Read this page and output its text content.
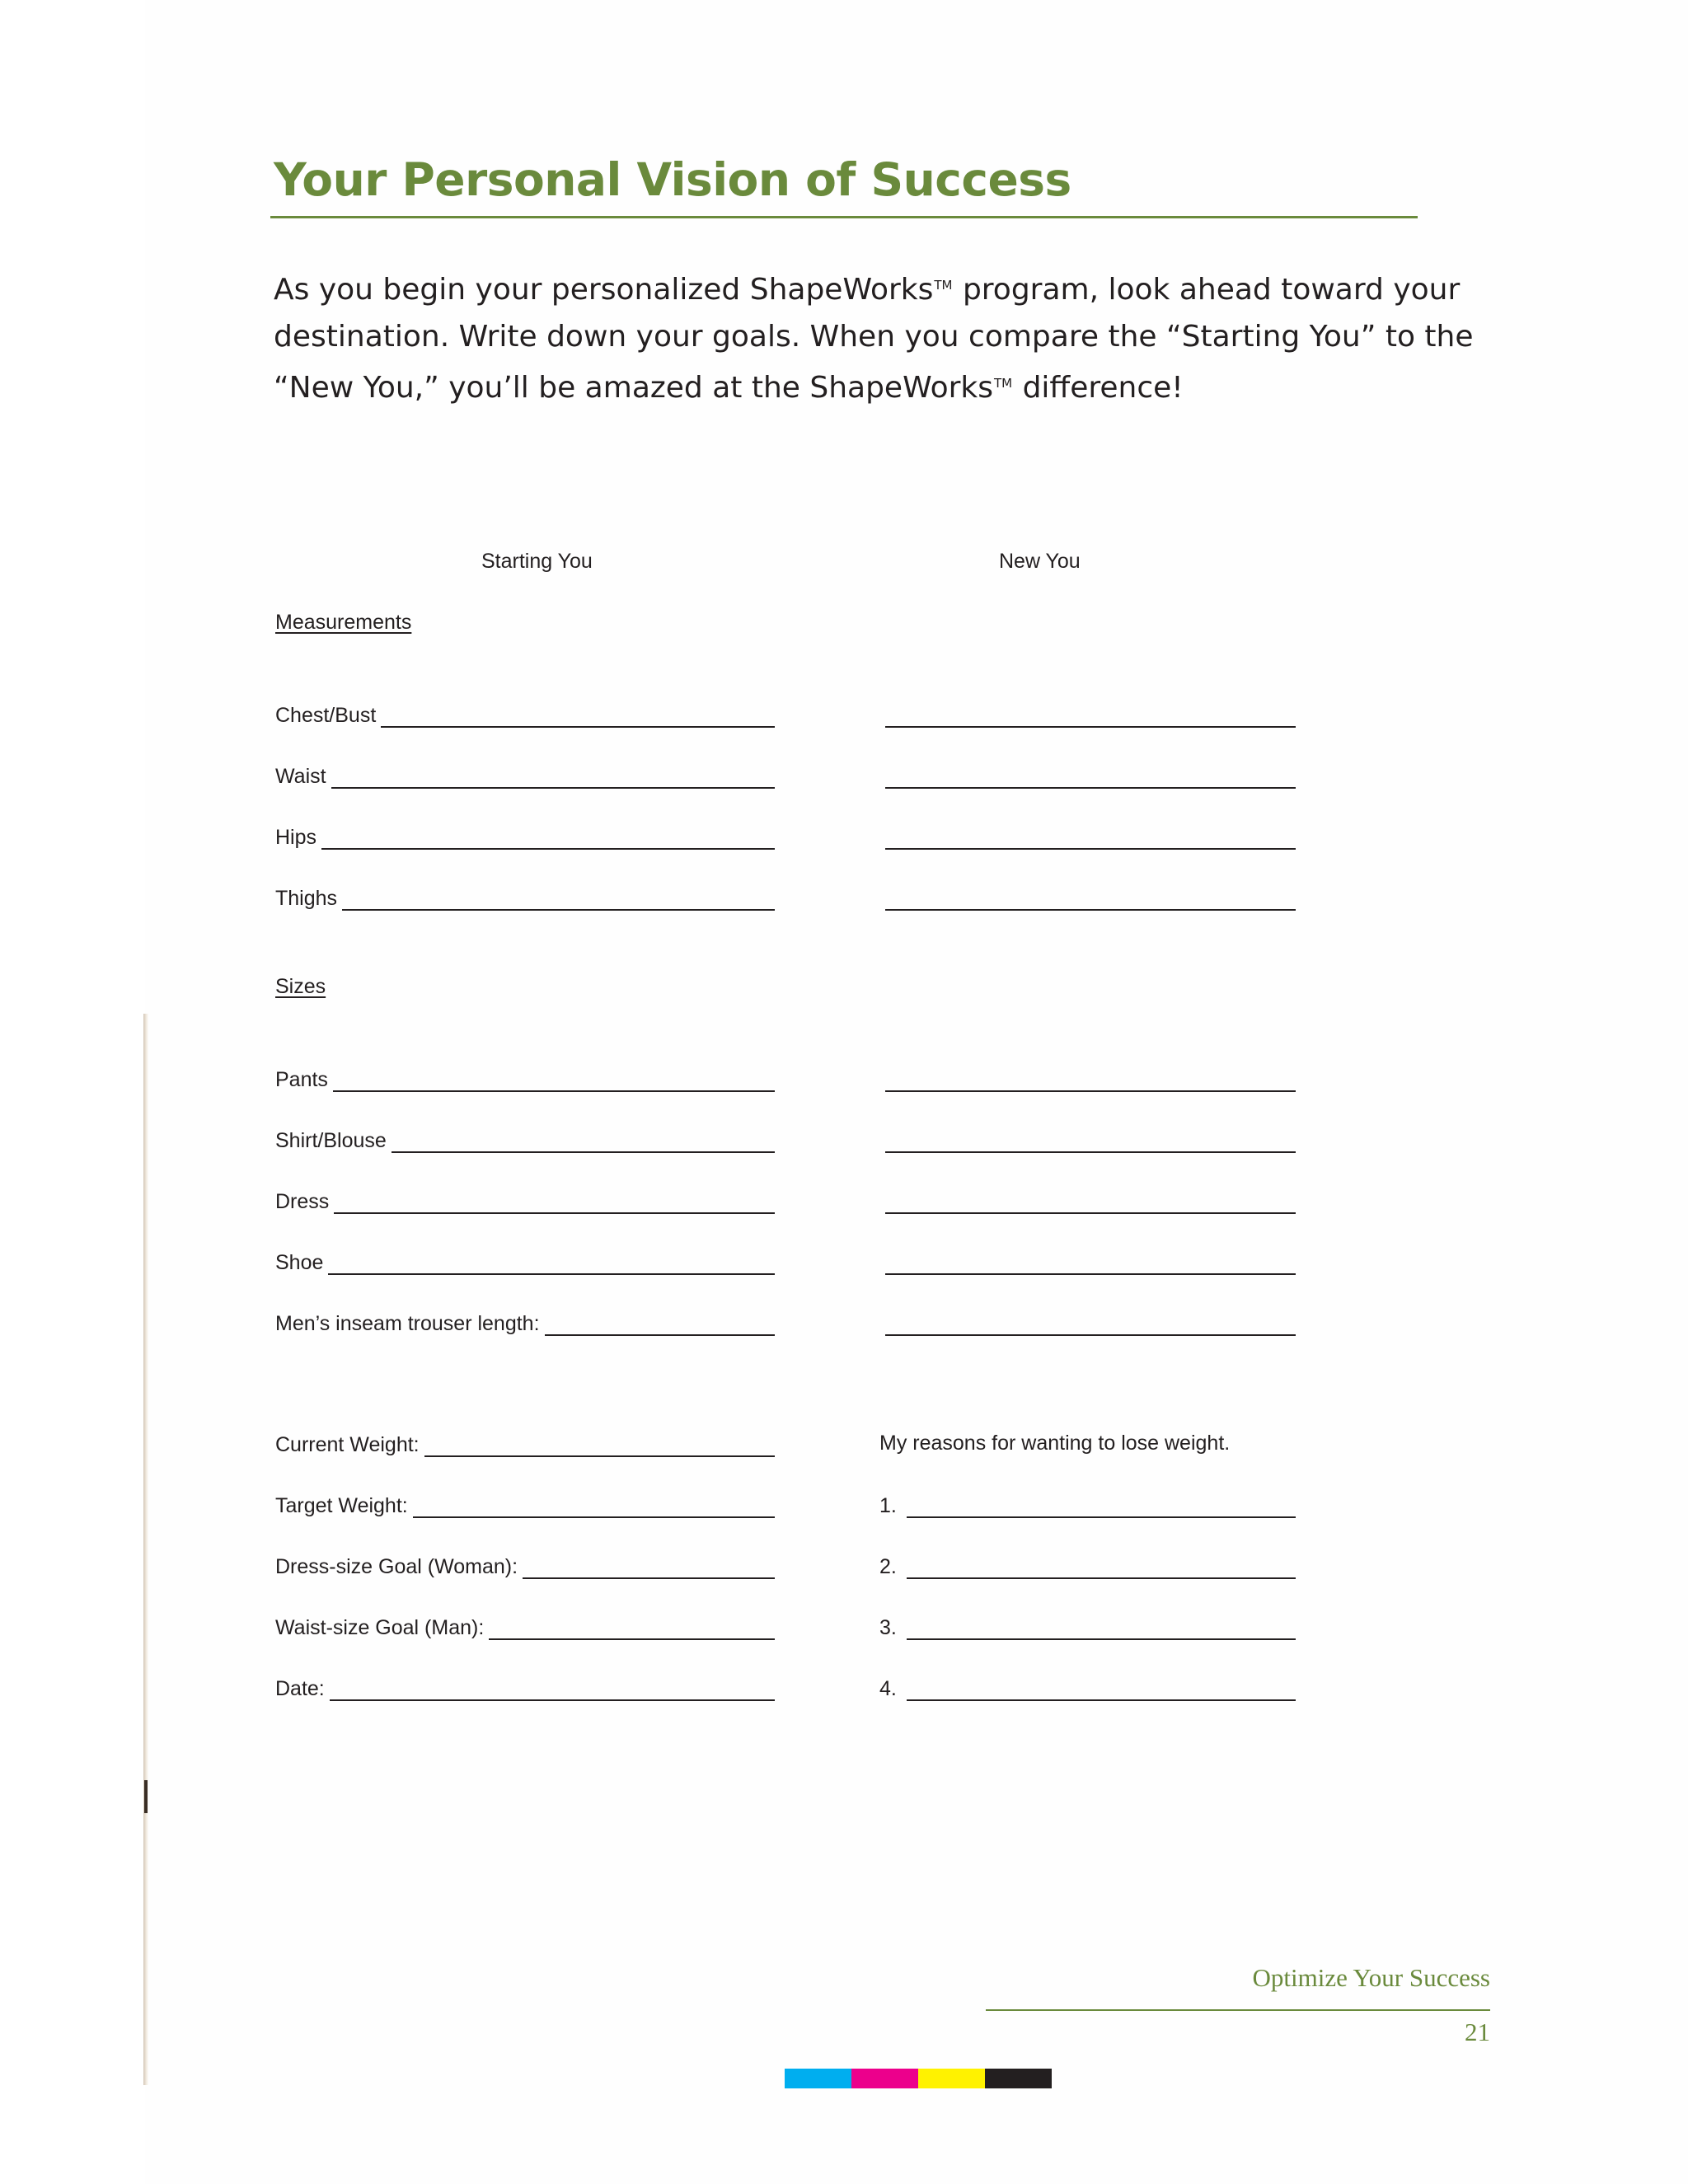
Your Personal Vision of Success
As you begin your personalized ShapeWorks™ program, look ahead toward your
destination. Write down your goals. When you compare the “Starting You” to the
“New You,” you’ll be amazed at the ShapeWorks™ difference!
Starting You	New You
Measurements
Chest/Bust
Waist
Hips
Thighs
Sizes
Pants
Shirt/Blouse
Dress
Shoe
Men’s inseam trouser length:
Current Weight:
Target Weight:
Dress-size Goal (Woman):
Waist-size Goal (Man):
Date:
My reasons for wanting to lose weight.
1.
2.
3.
4.
Optimize Your Success
21
